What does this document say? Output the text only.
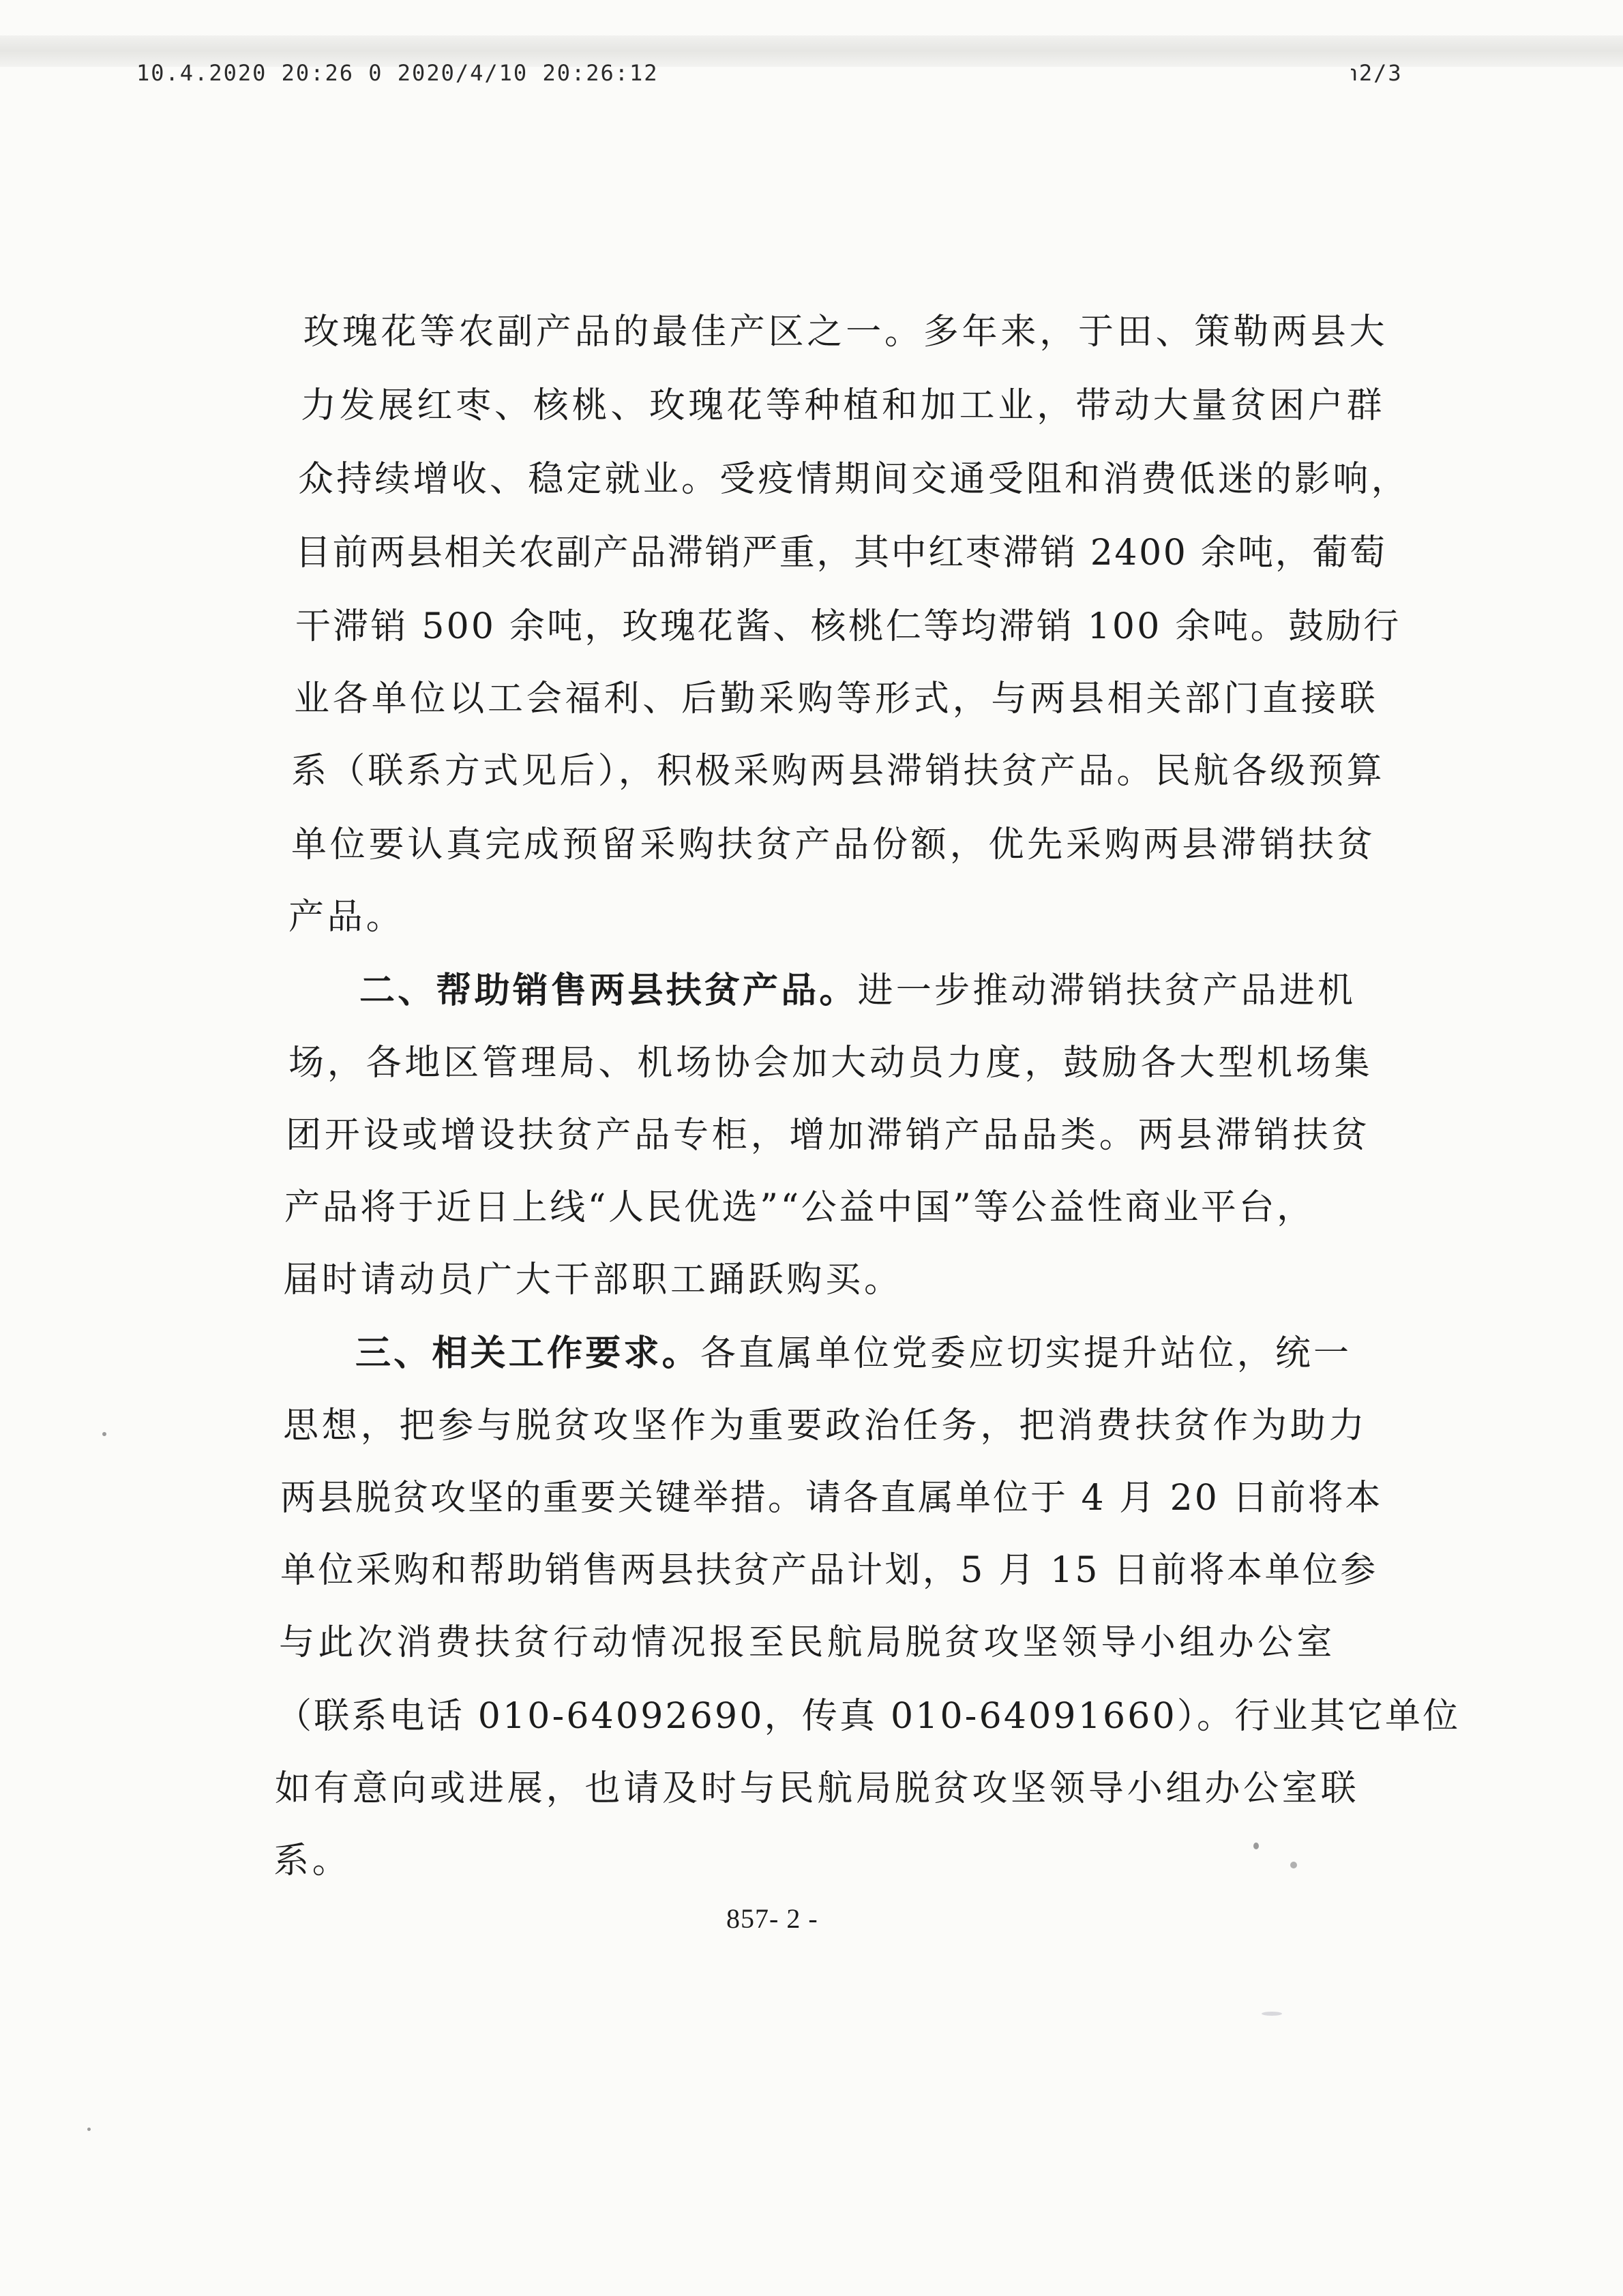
10.4.2020 20:26 0 2020/4/10 20:26:12	℩2/3
玫瑰花等农副产品的最佳产区之一。多年来，于田、策勒两县大
力发展红枣、核桃、玫瑰花等种植和加工业，带动大量贫困户群
众持续增收、稳定就业。受疫情期间交通受阻和消费低迷的影响，
目前两县相关农副产品滞销严重，其中红枣滞销 2400 余吨，葡萄
干滞销 500 余吨，玫瑰花酱、核桃仁等均滞销 100 余吨。鼓励行
业各单位以工会福利、后勤采购等形式，与两县相关部门直接联
系（联系方式见后），积极采购两县滞销扶贫产品。民航各级预算
单位要认真完成预留采购扶贫产品份额，优先采购两县滞销扶贫
产品。
二、帮助销售两县扶贫产品。进一步推动滞销扶贫产品进机
场，各地区管理局、机场协会加大动员力度，鼓励各大型机场集
团开设或增设扶贫产品专柜，增加滞销产品品类。两县滞销扶贫
产品将于近日上线“人民优选”“公益中国”等公益性商业平台，
届时请动员广大干部职工踊跃购买。
三、相关工作要求。各直属单位党委应切实提升站位，统一
思想，把参与脱贫攻坚作为重要政治任务，把消费扶贫作为助力
两县脱贫攻坚的重要关键举措。请各直属单位于 4 月 20 日前将本
单位采购和帮助销售两县扶贫产品计划，5 月 15 日前将本单位参
与此次消费扶贫行动情况报至民航局脱贫攻坚领导小组办公室
（联系电话 010-64092690，传真 010-64091660）。行业其它单位
如有意向或进展，也请及时与民航局脱贫攻坚领导小组办公室联
系。
857- 2 -
